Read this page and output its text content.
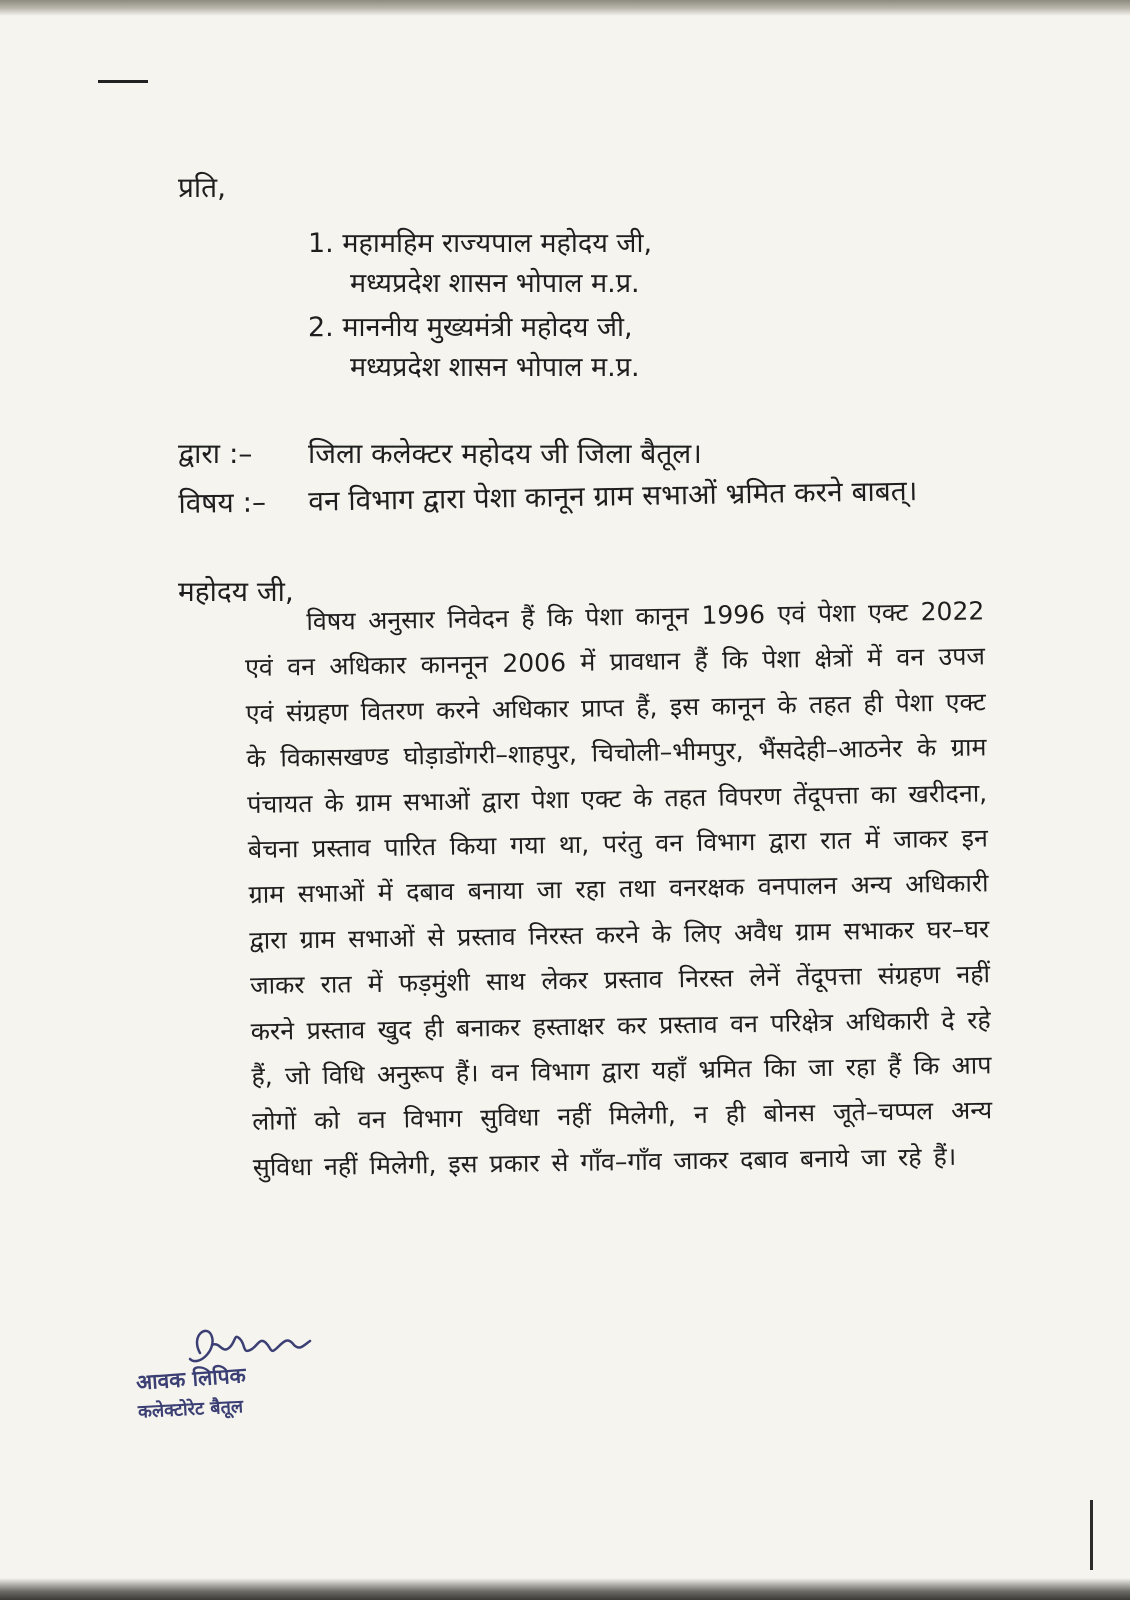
प्रति,
1. महामहिम राज्यपाल महोदय जी,
मध्यप्रदेश शासन भोपाल म.प्र.
2. माननीय मुख्यमंत्री महोदय जी,
मध्यप्रदेश शासन भोपाल म.प्र.
द्वारा :–	जिला कलेक्टर महोदय जी जिला बैतूल।
विषय :–	वन विभाग द्वारा पेशा कानून ग्राम सभाओं भ्रमित करने बाबत्।
महोदय जी,

विषय अनुसार निवेदन हैं कि पेशा कानून 1996 एवं पेशा एक्ट 2022 एवं वन अधिकार काननून 2006 में प्रावधान हैं कि पेशा क्षेत्रों में वन उपज एवं संग्रहण वितरण करने अधिकार प्राप्त हैं, इस कानून के तहत ही पेशा एक्ट के विकासखण्ड घोड़ाडोंगरी–शाहपुर, चिचोली–भीमपुर, भैंसदेही–आठनेर के ग्राम पंचायत के ग्राम सभाओं द्वारा पेशा एक्ट के तहत विपरण तेंदूपत्ता का खरीदना, बेचना प्रस्ताव पारित किया गया था, परंतु वन विभाग द्वारा रात में जाकर इन ग्राम सभाओं में दबाव बनाया जा रहा तथा वनरक्षक वनपालन अन्य अधिकारी द्वारा ग्राम सभाओं से प्रस्ताव निरस्त करने के लिए अवैध ग्राम सभाकर घर–घर जाकर रात में फड़मुंशी साथ लेकर प्रस्ताव निरस्त लेनें तेंदूपत्ता संग्रहण नहीं करने प्रस्ताव खुद ही बनाकर हस्ताक्षर कर प्रस्ताव वन परिक्षेत्र अधिकारी दे रहे हैं, जो विधि अनुरूप हैं। वन विभाग द्वारा यहाँ भ्रमित किा जा रहा हैं कि आप लोगों को वन विभाग सुविधा नहीं मिलेगी, न ही बोनस जूते–चप्पल अन्य सुविधा नहीं मिलेगी, इस प्रकार से गाँव–गाँव जाकर दबाव बनाये जा रहे हैं।

आवक लिपिक
कलेक्टोरेट बैतूल
